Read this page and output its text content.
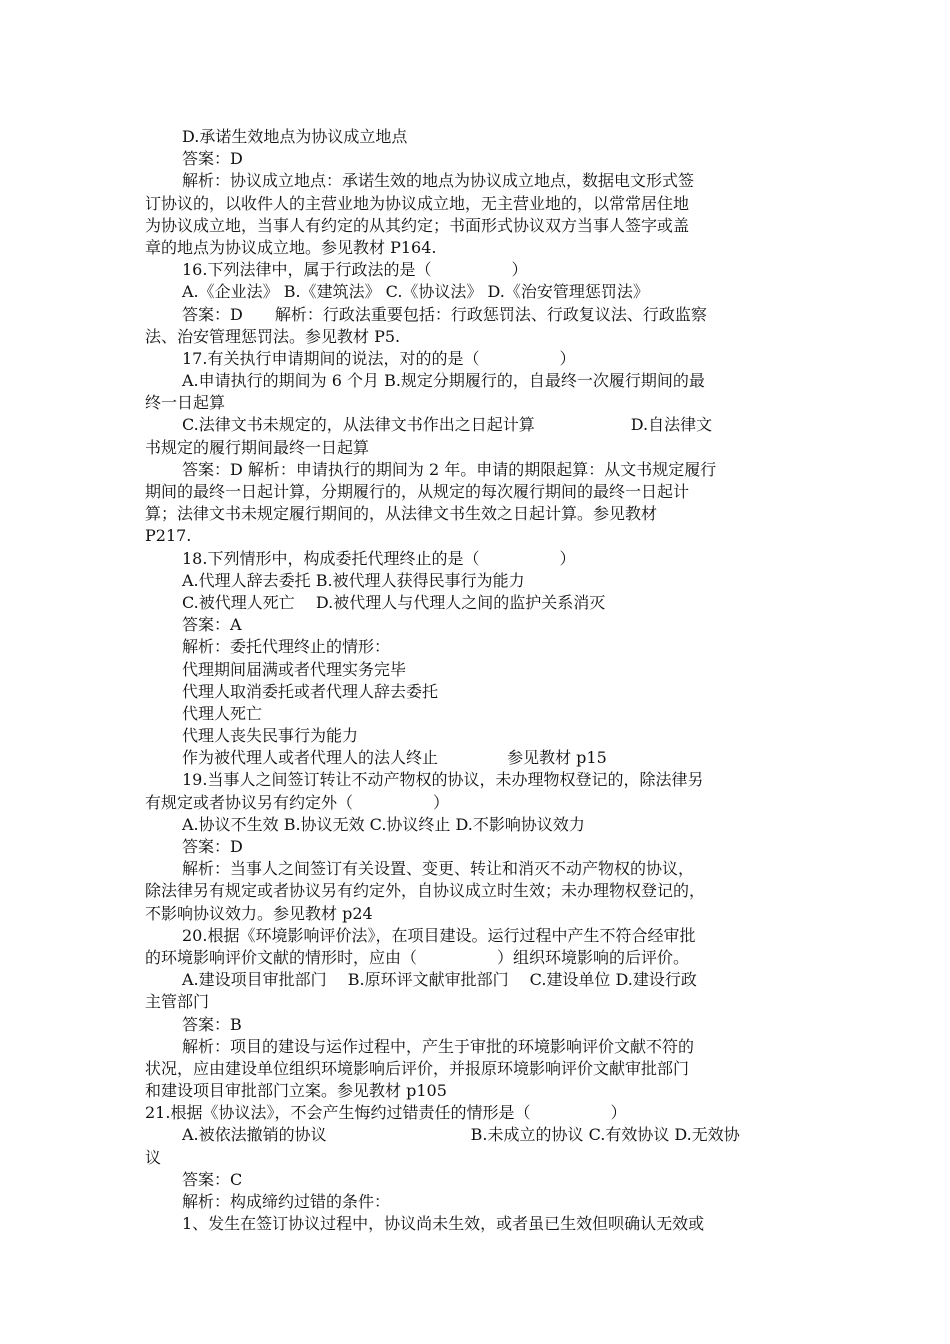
D.承诺生效地点为协议成立地点
答案：D
解析：协议成立地点：承诺生效的地点为协议成立地点，数据电文形式签
订协议的，以收件人的主营业地为协议成立地，无主营业地的，以常常居住地
为协议成立地，当事人有约定的从其约定；书面形式协议双方当事人签字或盖
章的地点为协议成立地。参见教材 P164.
16.下列法律中，属于行政法的是（　　　　　）
A.《企业法》 B.《建筑法》 C.《协议法》 D.《治安管理惩罚法》
答案：D　　解析：行政法重要包括：行政惩罚法、行政复议法、行政监察
法、治安管理惩罚法。参见教材 P5.
17.有关执行申请期间的说法，对的的是（　　　　　）
A.申请执行的期间为 6 个月 B.规定分期履行的，自最终一次履行期间的最
终一日起算
C.法律文书未规定的，从法律文书作出之日起计算　　　　　　D.自法律文
书规定的履行期间最终一日起算
答案：D 解析：申请执行的期间为 2 年。申请的期限起算：从文书规定履行
期间的最终一日起计算，分期履行的，从规定的每次履行期间的最终一日起计
算；法律文书未规定履行期间的，从法律文书生效之日起计算。参见教材
P217.
18.下列情形中，构成委托代理终止的是（　　　　　）
A.代理人辞去委托 B.被代理人获得民事行为能力
C.被代理人死亡　 D.被代理人与代理人之间的监护关系消灭
答案：A
解析：委托代理终止的情形：
代理期间届满或者代理实务完毕
代理人取消委托或者代理人辞去委托
代理人死亡
代理人丧失民事行为能力
作为被代理人或者代理人的法人终止　　　　 参见教材 p15
19.当事人之间签订转让不动产物权的协议，未办理物权登记的，除法律另
有规定或者协议另有约定外（　　　　　）
A.协议不生效 B.协议无效 C.协议终止 D.不影响协议效力
答案：D
解析：当事人之间签订有关设置、变更、转让和消灭不动产物权的协议，
除法律另有规定或者协议另有约定外，自协议成立时生效；未办理物权登记的，
不影响协议效力。参见教材 p24
20.根据《环境影响评价法》，在项目建设。运行过程中产生不符合经审批
的环境影响评价文献的情形时，应由（　　　　　）组织环境影响的后评价。
A.建设项目审批部门　 B.原环评文献审批部门　 C.建设单位 D.建设行政
主管部门
答案：B
解析：项目的建设与运作过程中，产生于审批的环境影响评价文献不符的
状况，应由建设单位组织环境影响后评价，并报原环境影响评价文献审批部门
和建设项目审批部门立案。参见教材 p105
21.根据《协议法》，不会产生悔约过错责任的情形是（　　　　　）
A.被依法撤销的协议　　　　　　　　　B.未成立的协议 C.有效协议 D.无效协
议
答案：C
解析：构成缔约过错的条件：
1、发生在签订协议过程中，协议尚未生效，或者虽已生效但呗确认无效或
